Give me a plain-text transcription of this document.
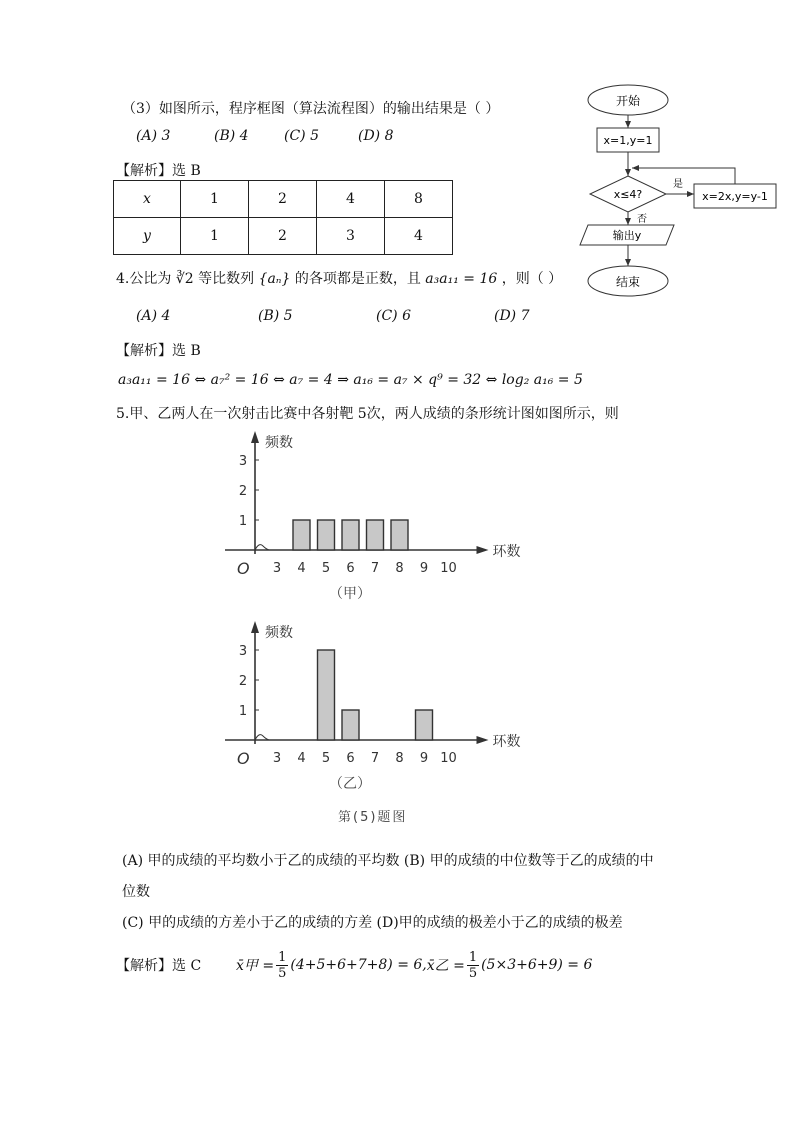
（3）如图所示，程序框图（算法流程图）的输出结果是（ ）
(A) 3	(B) 4	(C) 5	(D) 8
【解析】选 B
x	1	2	4	8
y	1	2	3	4
开始
x=1,y=1
x≤4?
是
x=2x,y=y-1
否
输出y
结束
4.公比为 ∛2 等比数列 {aₙ} 的各项都是正数，且 a₃a₁₁ = 16 ，则（ ）
(A) 4	(B) 5	(C) 6	(D) 7
【解析】选 B
a₃a₁₁ = 16 ⇔ a₇² = 16 ⇔ a₇ = 4 ⇒ a₁₆ = a₇ × q⁹ = 32 ⇔ log₂ a₁₆ = 5
5.甲、乙两人在一次射击比赛中各射靶 5次，两人成绩的条形统计图如图所示，则
频数
环数
O
1
2
3
3 4 5 6 7 8 9 10
（甲）
频数
环数
O
1
2
3
3 4 5 6 7 8 9 10
（乙）
第(5)题图
(A) 甲的成绩的平均数小于乙的成绩的平均数 (B) 甲的成绩的中位数等于乙的成绩的中
位数
(C) 甲的成绩的方差小于乙的成绩的方差 (D)甲的成绩的极差小于乙的成绩的极差
【解析】选 C x̄甲 = $\frac{1}{5} (4+5+6+7+8) = 6$, x̄乙 = $\frac{1}{5} (5\times 3+6+9) = 6$
